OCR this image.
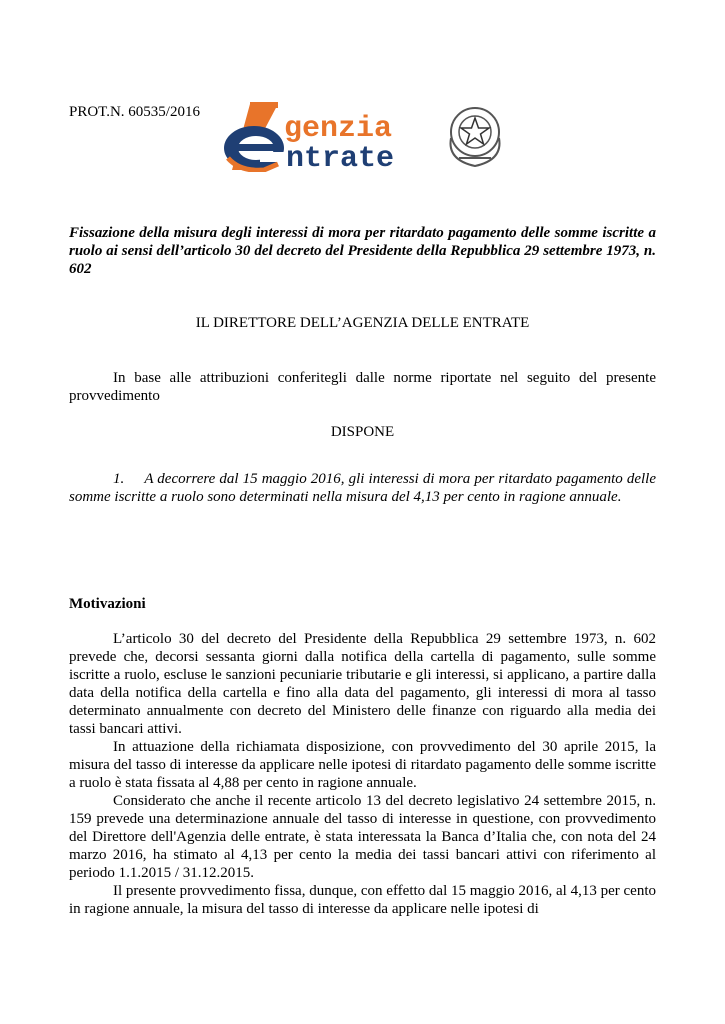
PROT.N. 60535/2016	genzia
ntrate
Fissazione della misura degli interessi di mora per ritardato pagamento delle somme iscritte a ruolo ai sensi dell’articolo 30 del decreto del Presidente della Repubblica 29 settembre 1973, n. 602
IL DIRETTORE DELL’AGENZIA DELLE ENTRATE

In base alle attribuzioni conferitegli dalle norme riportate nel seguito del presente provvedimento

DISPONE
1.     A decorrere dal 15 maggio 2016, gli interessi di mora per ritardato pagamento delle somme iscritte a ruolo sono determinati nella misura del 4,13 per cento in ragione annuale.
Motivazioni

L’articolo 30 del decreto del Presidente della Repubblica 29 settembre 1973, n. 602 prevede che, decorsi sessanta giorni dalla notifica della cartella di pagamento, sulle somme iscritte a ruolo, escluse le sanzioni pecuniarie tributarie e gli interessi, si applicano, a partire dalla data della notifica della cartella e fino alla data del pagamento, gli interessi di mora al tasso determinato annualmente con decreto del Ministero delle finanze con riguardo alla media dei tassi bancari attivi.

In attuazione della richiamata disposizione, con provvedimento del 30 aprile 2015, la misura del tasso di interesse da applicare nelle ipotesi di ritardato pagamento delle somme iscritte a ruolo è stata fissata al 4,88 per cento in ragione annuale.

Considerato che anche il recente articolo 13 del decreto legislativo 24 settembre 2015, n. 159 prevede una determinazione annuale del tasso di interesse in questione, con provvedimento del Direttore dell'Agenzia delle entrate, è stata interessata la Banca d’Italia che, con nota del 24 marzo 2016, ha stimato al 4,13 per cento la media dei tassi bancari attivi con riferimento al periodo 1.1.2015 / 31.12.2015.

Il presente provvedimento fissa, dunque, con effetto dal 15 maggio 2016, al 4,13 per cento in ragione annuale, la misura del tasso di interesse da applicare nelle ipotesi di
